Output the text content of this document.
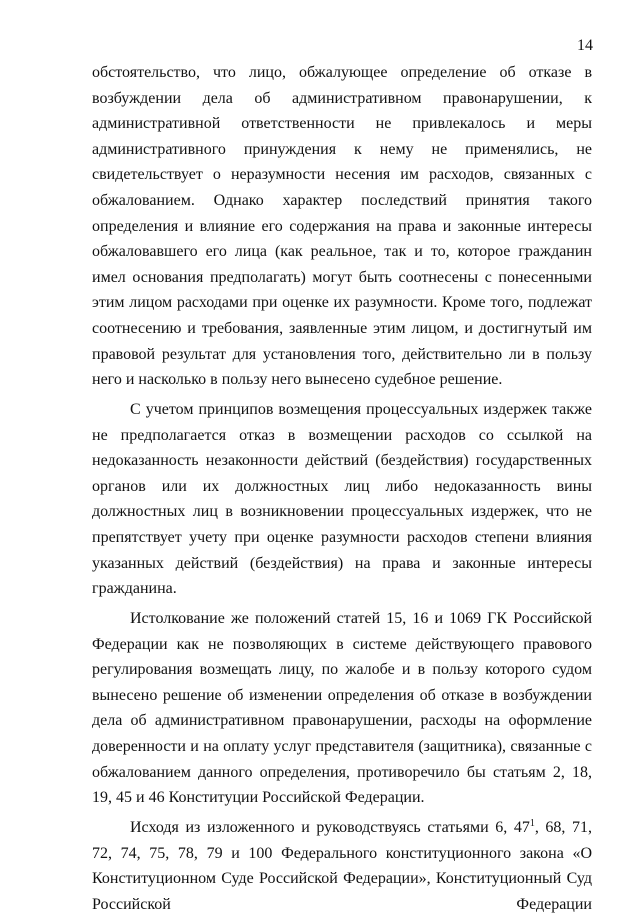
14

обстоятельство, что лицо, обжалующее определение об отказе в возбуждении дела об административном правонарушении, к административной ответственности не привлекалось и меры административного принуждения к нему не применялись, не свидетельствует о неразумности несения им расходов, связанных с обжалованием. Однако характер последствий принятия такого определения и влияние его содержания на права и законные интересы обжаловавшего его лица (как реальное, так и то, которое гражданин имел основания предполагать) могут быть соотнесены с понесенными этим лицом расходами при оценке их разумности. Кроме того, подлежат соотнесению и требования, заявленные этим лицом, и достигнутый им правовой результат для установления того, действительно ли в пользу него и насколько в пользу него вынесено судебное решение.

С учетом принципов возмещения процессуальных издержек также не предполагается отказ в возмещении расходов со ссылкой на недоказанность незаконности действий (бездействия) государственных органов или их должностных лиц либо недоказанность вины должностных лиц в возникновении процессуальных издержек, что не препятствует учету при оценке разумности расходов степени влияния указанных действий (бездействия) на права и законные интересы гражданина.

Истолкование же положений статей 15, 16 и 1069 ГК Российской Федерации как не позволяющих в системе действующего правового регулирования возмещать лицу, по жалобе и в пользу которого судом вынесено решение об изменении определения об отказе в возбуждении дела об административном правонарушении, расходы на оформление доверенности и на оплату услуг представителя (защитника), связанные с обжалованием данного определения, противоречило бы статьям 2, 18, 19, 45 и 46 Конституции Российской Федерации.

Исходя из изложенного и руководствуясь статьями 6, $47^1$, 68, 71, 72, 74, 75, 78, 79 и 100 Федерального конституционного закона «О Конституционном Суде Российской Федерации», Конституционный Суд Российской Федерации
